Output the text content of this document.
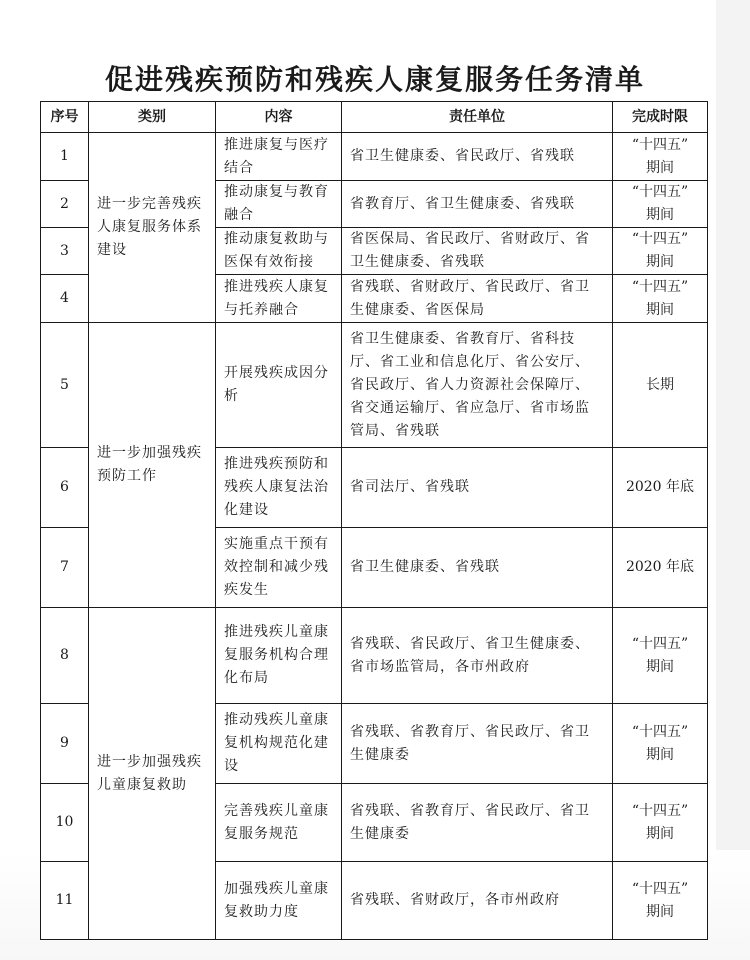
促进残疾预防和残疾人康复服务任务清单
序号	类别	内容	责任单位	完成时限
1	进一步完善残疾人康复服务体系建设	推进康复与医疗结合	省卫生健康委、省民政厅、省残联	“十四五”
期间

2		推动康复与教育融合	省教育厅、省卫生健康委、省残联	“十四五”
期间

3		推动康复救助与医保有效衔接	省医保局、省民政厅、省财政厅、省卫生健康委、省残联	“十四五”
期间

4		推进残疾人康复与托养融合	省残联、省财政厅、省民政厅、省卫生健康委、省医保局	“十四五”
期间

5	进一步加强残疾预防工作	开展残疾成因分析	省卫生健康委、省教育厅、省科技厅、省工业和信息化厅、省公安厅、省民政厅、省人力资源社会保障厅、省交通运输厅、省应急厅、省市场监管局、省残联	长期

6		推进残疾预防和残疾人康复法治化建设	省司法厅、省残联	2020 年底

7		实施重点干预有效控制和减少残疾发生	省卫生健康委、省残联	2020 年底

8	进一步加强残疾儿童康复救助	推进残疾儿童康复服务机构合理化布局	省残联、省民政厅、省卫生健康委、省市场监管局，各市州政府	“十四五”
期间

9		推动残疾儿童康复机构规范化建设	省残联、省教育厅、省民政厅、省卫生健康委	“十四五”
期间

10		完善残疾儿童康复服务规范	省残联、省教育厅、省民政厅、省卫生健康委	“十四五”
期间

11		加强残疾儿童康复救助力度	省残联、省财政厅，各市州政府	“十四五”
期间
